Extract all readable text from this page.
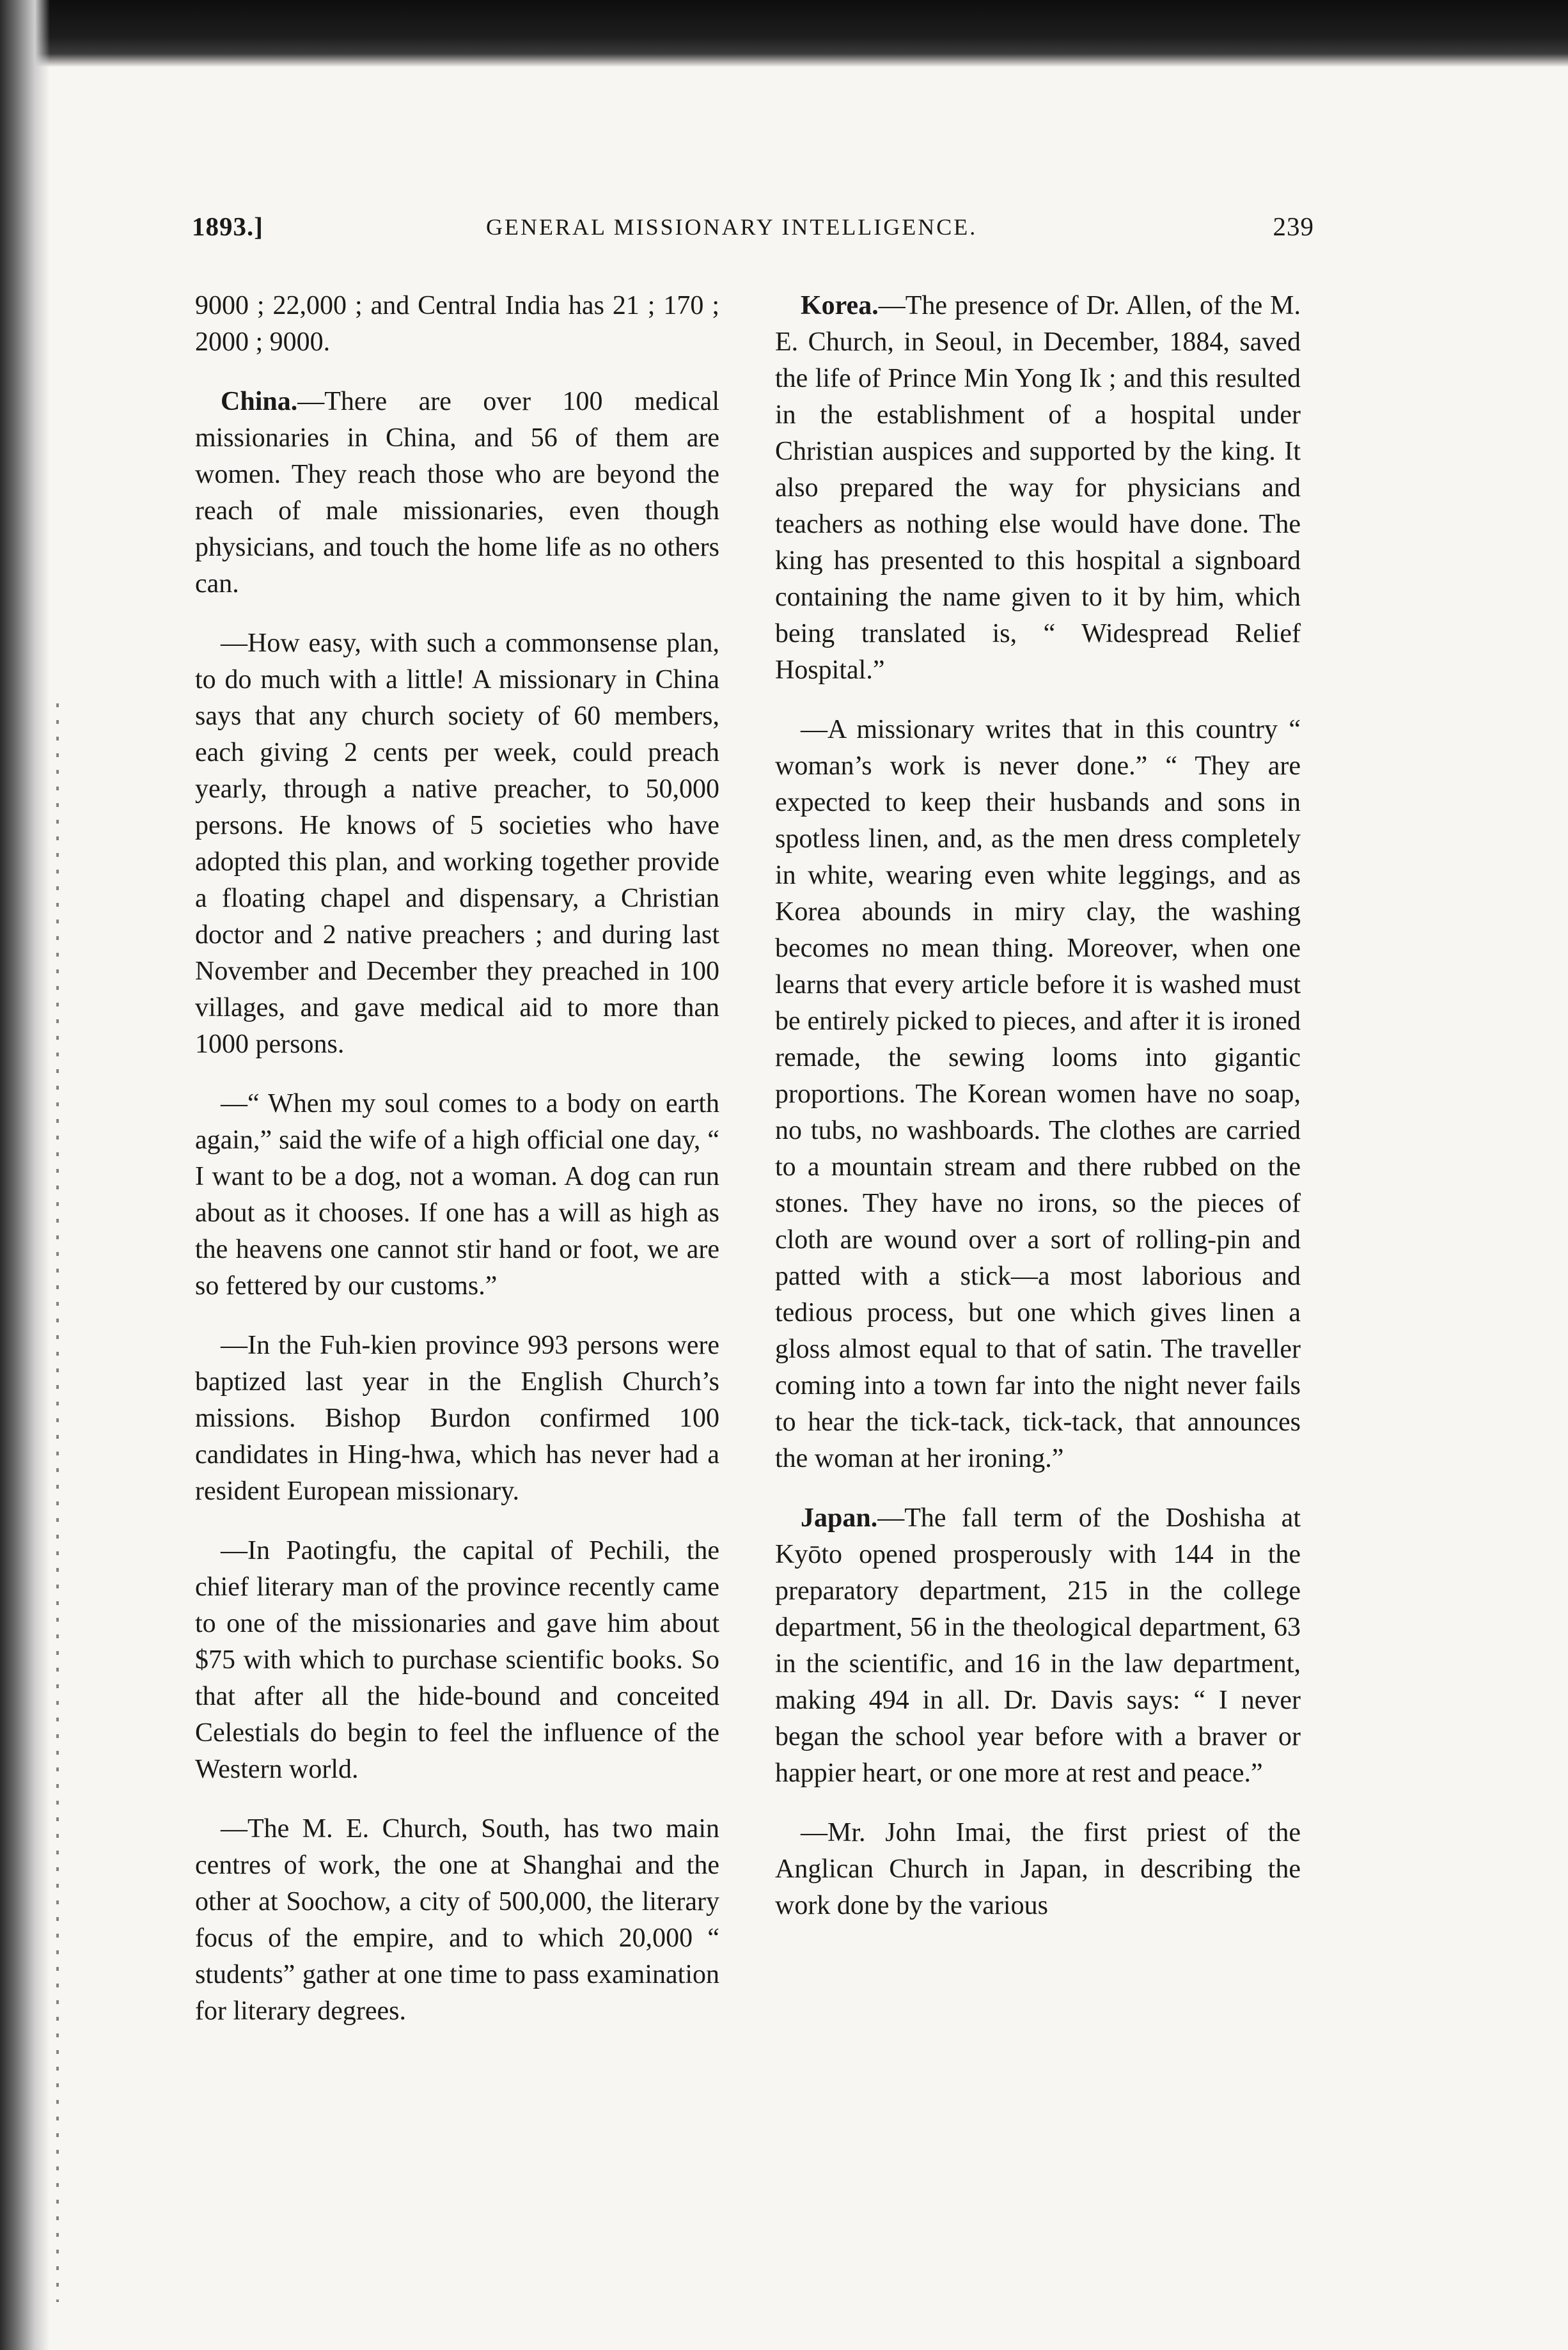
1893.]	GENERAL MISSIONARY INTELLIGENCE.	239

9000 ; 22,000 ; and Central India has 21 ; 170 ; 2000 ; 9000.

China.—There are over 100 medical missionaries in China, and 56 of them are women. They reach those who are beyond the reach of male missionaries, even though physicians, and touch the home life as no others can.

—How easy, with such a commonsense plan, to do much with a little! A missionary in China says that any church society of 60 members, each giving 2 cents per week, could preach yearly, through a native preacher, to 50,000 persons. He knows of 5 societies who have adopted this plan, and working together provide a floating chapel and dispensary, a Christian doctor and 2 native preachers ; and during last November and December they preached in 100 villages, and gave medical aid to more than 1000 persons.

—“ When my soul comes to a body on earth again,” said the wife of a high official one day, “ I want to be a dog, not a woman. A dog can run about as it chooses. If one has a will as high as the heavens one cannot stir hand or foot, we are so fettered by our customs.”

—In the Fuh-kien province 993 persons were baptized last year in the English Church’s missions. Bishop Burdon confirmed 100 candidates in Hing-hwa, which has never had a resident European missionary.

—In Paotingfu, the capital of Pechili, the chief literary man of the province recently came to one of the missionaries and gave him about $75 with which to purchase scientific books. So that after all the hide-bound and conceited Celestials do begin to feel the influence of the Western world.

—The M. E. Church, South, has two main centres of work, the one at Shanghai and the other at Soochow, a city of 500,000, the literary focus of the empire, and to which 20,000 “ students” gather at one time to pass examination for literary degrees.

Korea.—The presence of Dr. Allen, of the M. E. Church, in Seoul, in December, 1884, saved the life of Prince Min Yong Ik ; and this resulted in the establishment of a hospital under Christian auspices and supported by the king. It also prepared the way for physicians and teachers as nothing else would have done. The king has presented to this hospital a signboard containing the name given to it by him, which being translated is, “ Widespread Relief Hospital.”

—A missionary writes that in this country “ woman’s work is never done.” “ They are expected to keep their husbands and sons in spotless linen, and, as the men dress completely in white, wearing even white leggings, and as Korea abounds in miry clay, the washing becomes no mean thing. Moreover, when one learns that every article before it is washed must be entirely picked to pieces, and after it is ironed remade, the sewing looms into gigantic proportions. The Korean women have no soap, no tubs, no washboards. The clothes are carried to a mountain stream and there rubbed on the stones. They have no irons, so the pieces of cloth are wound over a sort of rolling-pin and patted with a stick—a most laborious and tedious process, but one which gives linen a gloss almost equal to that of satin. The traveller coming into a town far into the night never fails to hear the tick-tack, tick-tack, that announces the woman at her ironing.”

Japan.—The fall term of the Doshisha at Kyōto opened prosperously with 144 in the preparatory department, 215 in the college department, 56 in the theological department, 63 in the scientific, and 16 in the law department, making 494 in all. Dr. Davis says: “ I never began the school year before with a braver or happier heart, or one more at rest and peace.”

—Mr. John Imai, the first priest of the Anglican Church in Japan, in describing the work done by the various
